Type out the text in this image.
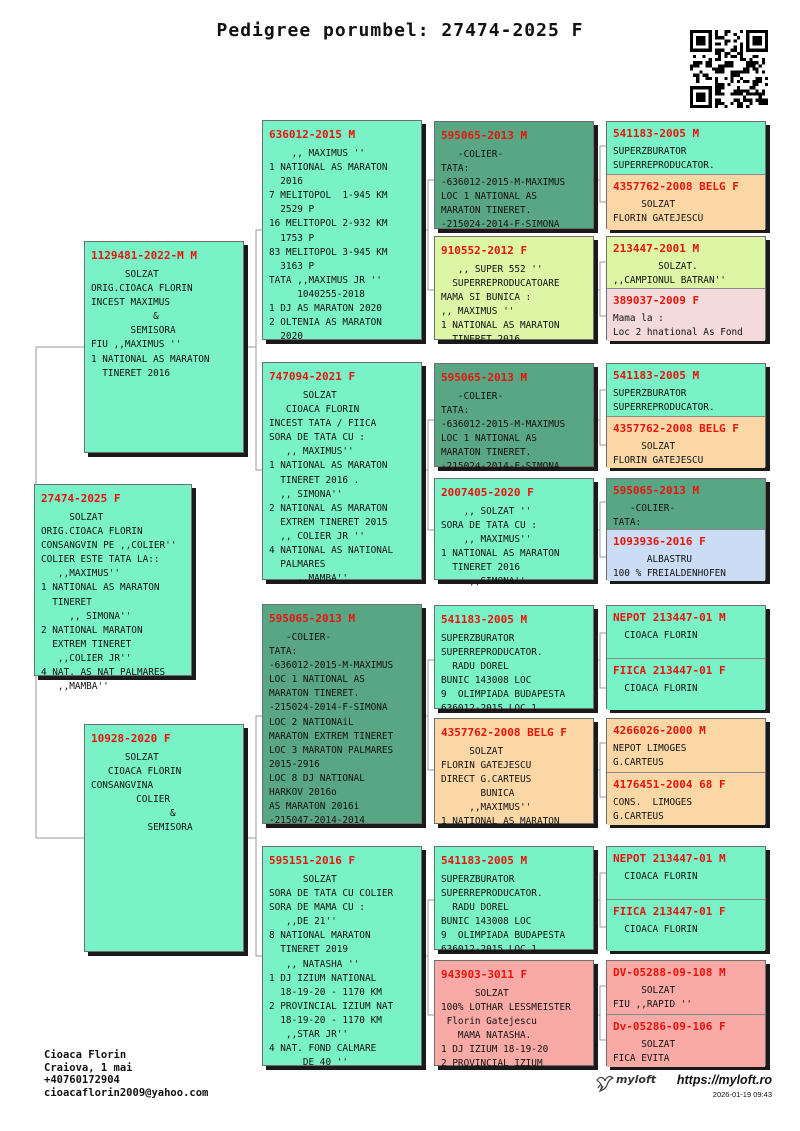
Pedigree porumbel: 27474-2025 F
27474-2025 F
SOLZAT
ORIG.CIOACA FLORIN
CONSANGVIN PE ,,COLIER''
COLIER ESTE TATA LA::
,,MAXIMUS''
1 NATIONAL AS MARATON
TINERET
,, SIMONA''
2 NATIONAL MARATON
EXTREM TINERET
,,COLIER JR''
4 NAT. AS NAT PALMARES
,,MAMBA''
1129481-2022-M M
SOLZAT
ORIG.CIOACA FLORIN
INCEST MAXIMUS
&
SEMISORA
FIU ,,MAXIMUS ''
1 NATIONAL AS MARATON
TINERET 2016
10928-2020 F
SOLZAT
CIOACA FLORIN
CONSANGVINA
COLIER
&
SEMISORA
636012-2015 M
,, MAXIMUS ''
1 NATIONAL AS MARATON
2016
7 MELITOPOL  1-945 KM
2529 P
16 MELITOPOL 2-932 KM
1753 P
83 MELITOPOL 3-945 KM
3163 P
TATA ,,MAXIMUS JR ''
1040255-2018
1 DJ AS MARATON 2020
2 OLTENIA AS MARATON
2020
747094-2021 F
SOLZAT
CIOACA FLORIN
INCEST TATA / FIICA
SORA DE TATA CU :
,, MAXIMUS''
1 NATIONAL AS MARATON
TINERET 2016 .
,, SIMONA''
2 NATIONAL AS MARATON
EXTREM TINERET 2015
,, COLIER JR ''
4 NATIONAL AS NATIONAL
PALMARES
,,MAMBA''
595065-2013 M
-COLIER-
TATA:
-636012-2015-M-MAXIMUS
LOC 1 NATIONAL AS
MARATON TINERET.
-215024-2014-F-SIMONA
LOC 2 NATIONAiL
MARATON EXTREM TINERET
LOC 3 MARATON PALMARES
2015-2916
LOC 8 DJ NATIONAL
HARKOV 2016o
AS MARATON 2016i
-215047-2014-2014
595151-2016 F
SOLZAT
SORA DE TATA CU COLIER
SORA DE MAMA CU :
,,DE 21''
8 NATIONAL MARATON
TINERET 2019
,, NATASHA ''
1 DJ IZIUM NATIONAL
18-19-20 - 1170 KM
2 PROVINCIAL IZIUM NAT
18-19-20 - 1170 KM
,,STAR JR''
4 NAT. FOND CALMARE
DE 40 ''
595065-2013 M
-COLIER-
TATA:
-636012-2015-M-MAXIMUS
LOC 1 NATIONAL AS
MARATON TINERET.
-215024-2014-F-SIMONA
910552-2012 F
,, SUPER 552 ''
SUPERREPRODUCATOARE
MAMA SI BUNICA :
,, MAXIMUS ''
1 NATIONAL AS MARATON
TINERET 2016
595065-2013 M
-COLIER-
TATA:
-636012-2015-M-MAXIMUS
LOC 1 NATIONAL AS
MARATON TINERET.
-215024-2014-F-SIMONA
2007405-2020 F
,, SOLZAT ''
SORA DE TATA CU :
,, MAXIMUS''
1 NATIONAL AS MARATON
TINERET 2016
,,SIMONA''
541183-2005 M
SUPERZBURATOR
SUPERREPRODUCATOR.
RADU DOREL
BUNIC 143008 LOC
9  OLIMPIADA BUDAPESTA
636012-2015 LOC 1
4357762-2008 BELG F
SOLZAT
FLORIN GATEJESCU
DIRECT G.CARTEUS
BUNICA
,,MAXIMUS''
1 NATIONAL AS MARATON
541183-2005 M
SUPERZBURATOR
SUPERREPRODUCATOR.
RADU DOREL
BUNIC 143008 LOC
9  OLIMPIADA BUDAPESTA
636012-2015 LOC 1
943903-3011 F
SOLZAT
100% LOTHAR LESSMEISTER
Florin Gatejescu
MAMA NATASHA.
1 DJ IZIUM 18-19-20
2 PROVINCIAL IZIUM
541183-2005 M
SUPERZBURATOR
SUPERREPRODUCATOR.
4357762-2008 BELG F
SOLZAT
FLORIN GATEJESCU
213447-2001 M
SOLZAT.
,,CAMPIONUL BATRAN''
389037-2009 F
Mama la :
Loc 2 hnational As Fond
541183-2005 M
SUPERZBURATOR
SUPERREPRODUCATOR.
4357762-2008 BELG F
SOLZAT
FLORIN GATEJESCU
595065-2013 M
-COLIER-
TATA:
1093936-2016 F
ALBASTRU
100 % FREIALDENHOFEN
NEPOT 213447-01 M
CIOACA FLORIN
FIICA 213447-01 F
CIOACA FLORIN
4266026-2000 M
NEPOT LIMOGES
G.CARTEUS
4176451-2004 68 F
CONS.  LIMOGES
G.CARTEUS
NEPOT 213447-01 M
CIOACA FLORIN
FIICA 213447-01 F
CIOACA FLORIN
DV-05288-09-108 M
SOLZAT
FIU ,,RAPID ''
Dv-05286-09-106 F
SOLZAT
FICA EVITA
Cioaca Florin
Craiova, 1 mai
+40760172904
cioacaflorin2009@yahoo.com
myloft	https://myloft.ro
2026-01-19 09:43
